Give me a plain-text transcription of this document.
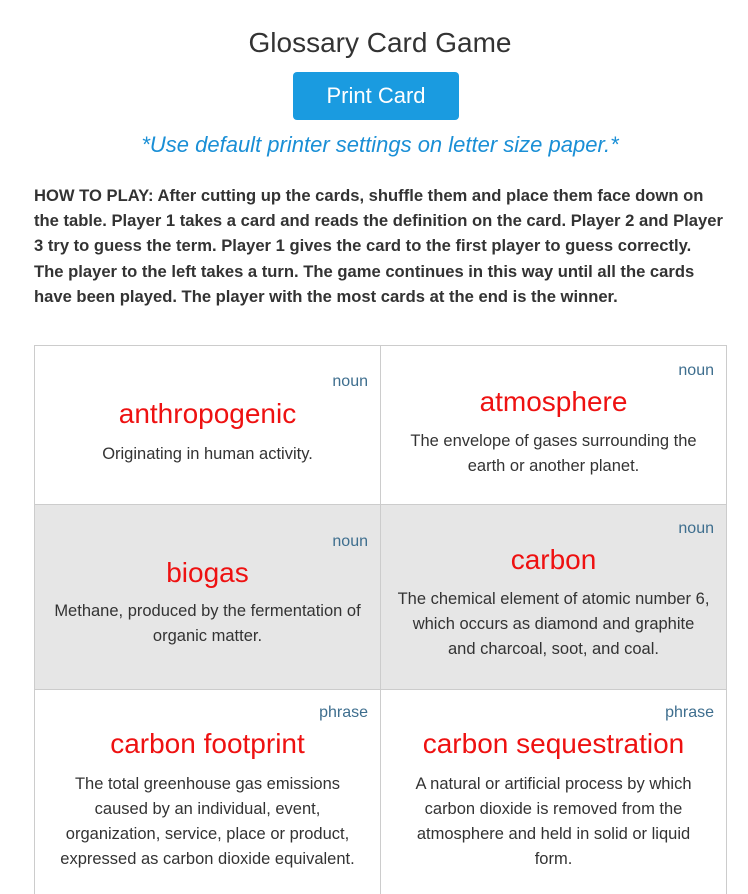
Glossary Card Game
Print Card
*Use default printer settings on letter size paper.*
HOW TO PLAY: After cutting up the cards, shuffle them and place them face down on the table. Player 1 takes a card and reads the definition on the card. Player 2 and Player 3 try to guess the term. Player 1 gives the card to the first player to guess correctly. The player to the left takes a turn. The game continues in this way until all the cards have been played. The player with the most cards at the end is the winner.
noun
anthropogenic
Originating in human activity.
noun
atmosphere
The envelope of gases surrounding the earth or another planet.
noun
biogas
Methane, produced by the fermentation of organic matter.
noun
carbon
The chemical element of atomic number 6, which occurs as diamond and graphite and charcoal, soot, and coal.
phrase
carbon footprint
The total greenhouse gas emissions caused by an individual, event, organization, service, place or product, expressed as carbon dioxide equivalent.
phrase
carbon sequestration
A natural or artificial process by which carbon dioxide is removed from the atmosphere and held in solid or liquid form.
